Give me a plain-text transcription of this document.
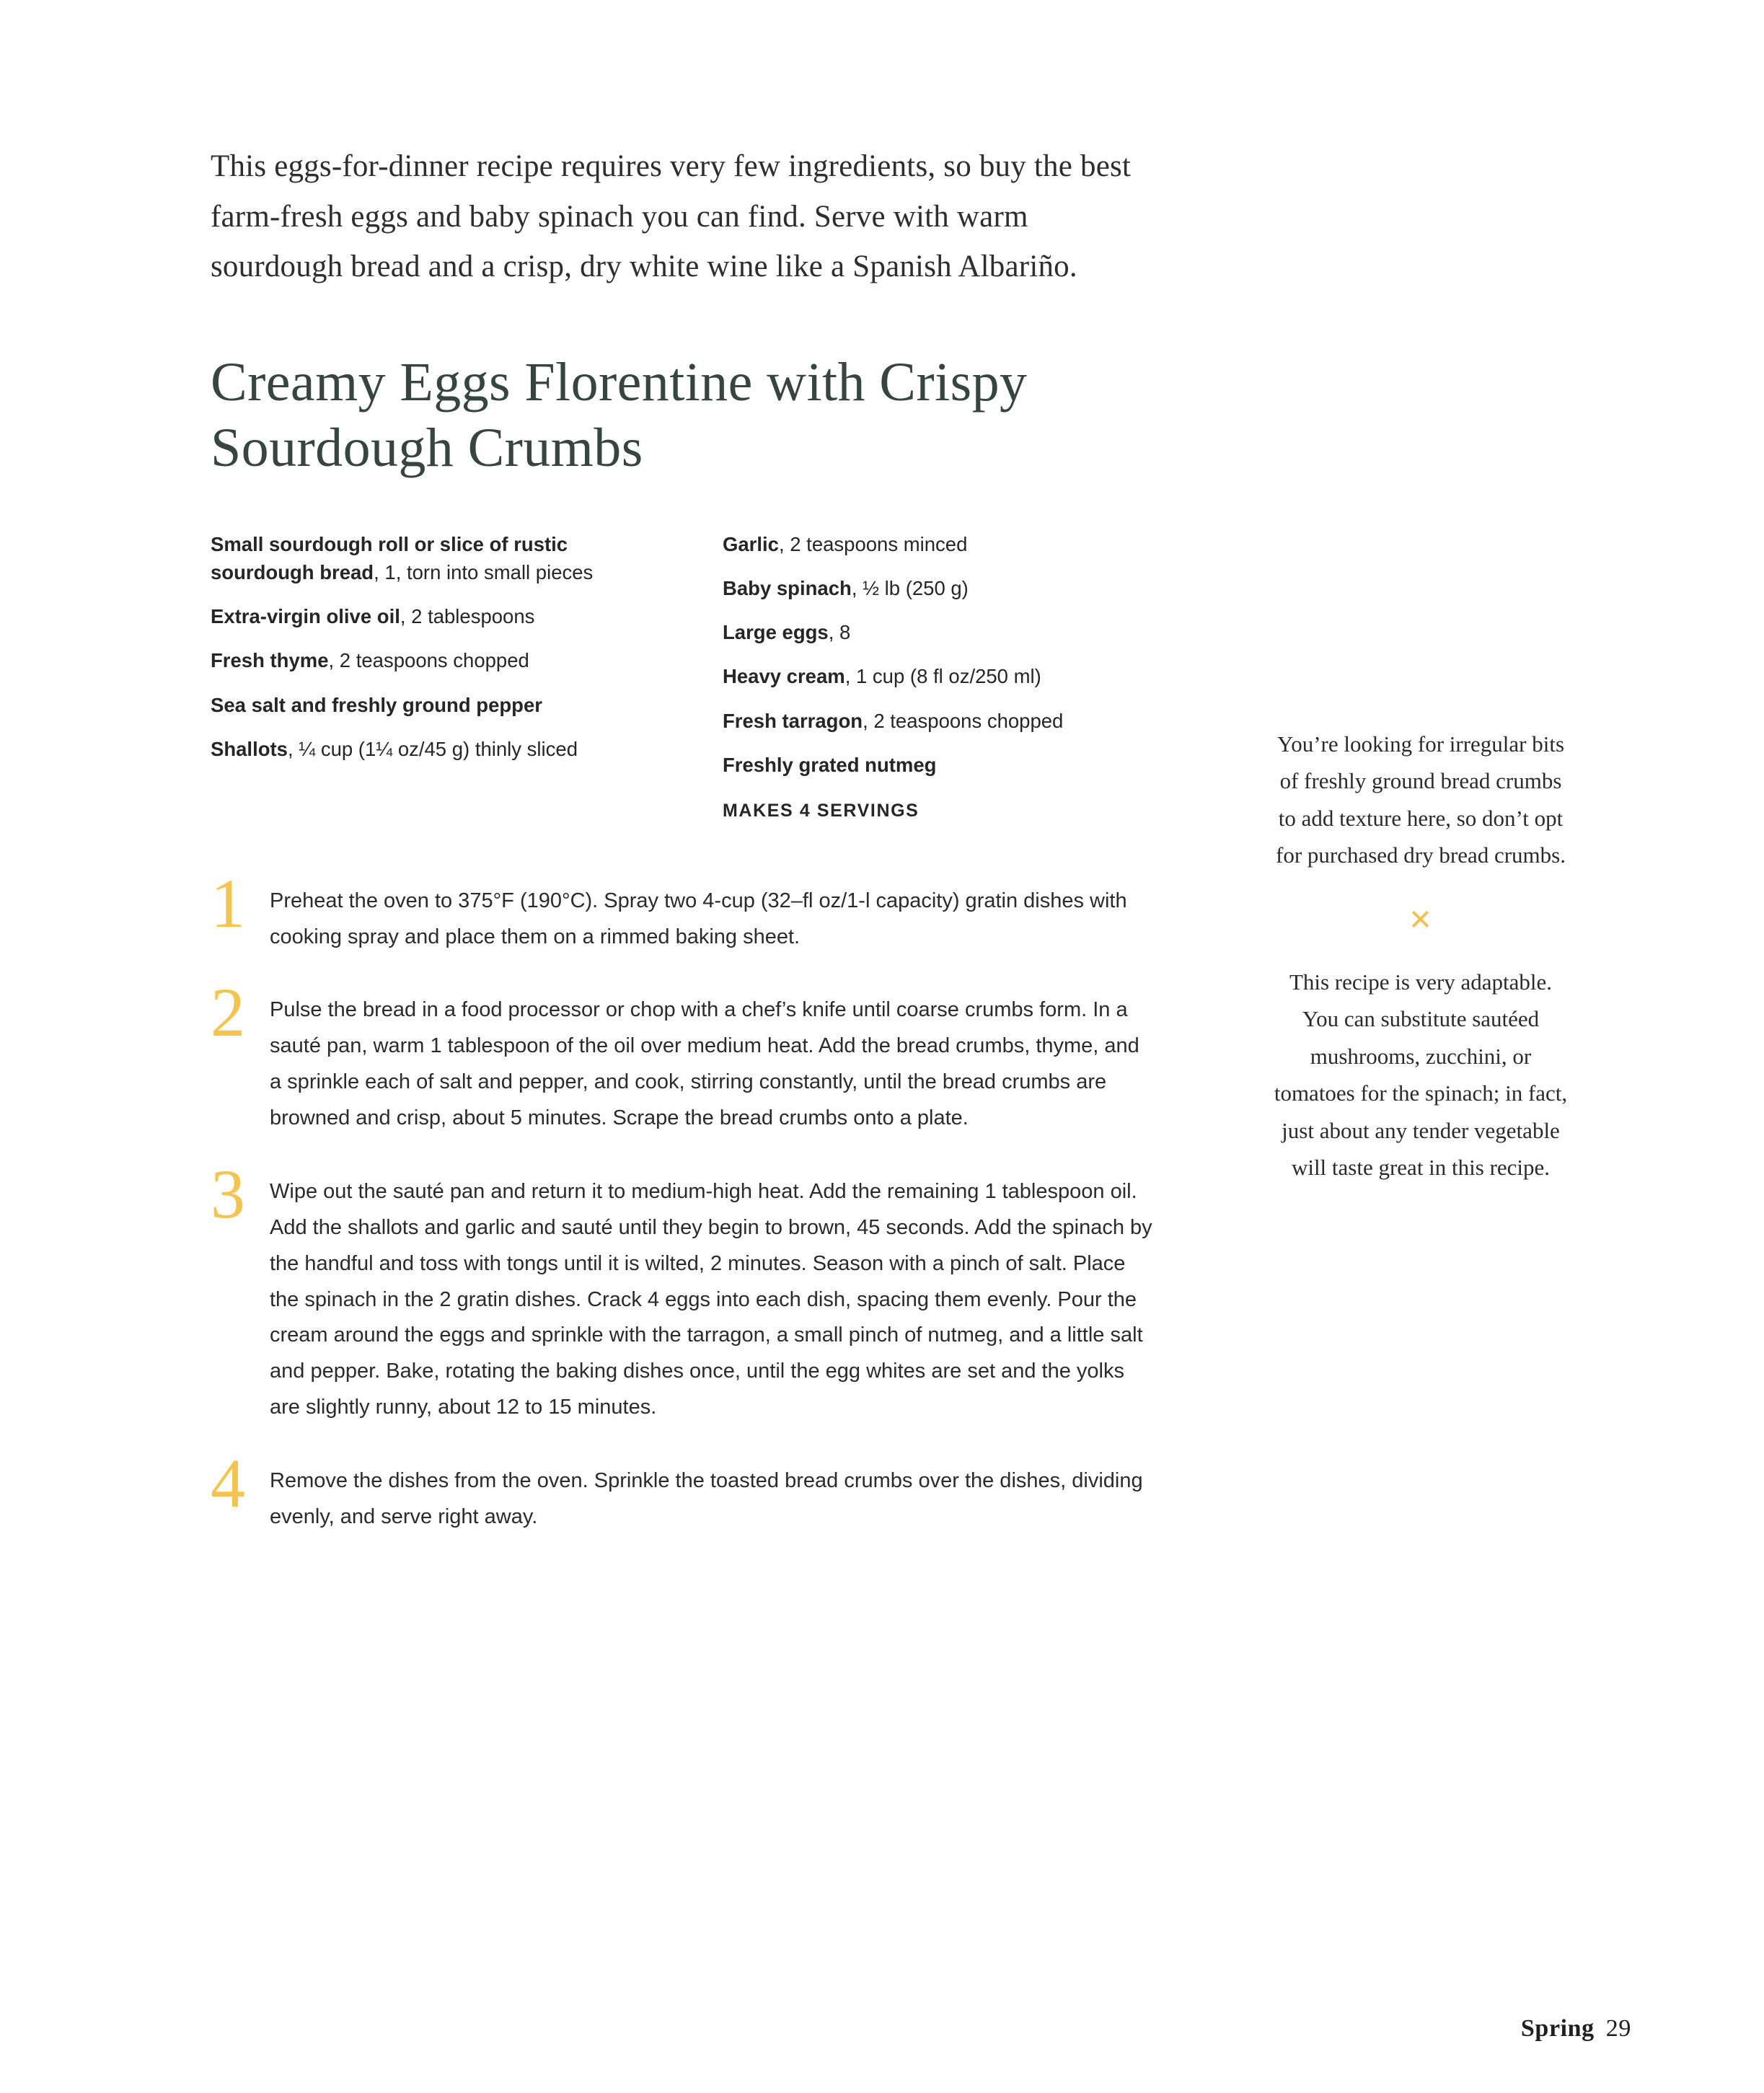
This eggs-for-dinner recipe requires very few ingredients, so buy the best farm-fresh eggs and baby spinach you can find. Serve with warm sourdough bread and a crisp, dry white wine like a Spanish Albariño.

Creamy Eggs Florentine with Crispy Sourdough Crumbs
Small sourdough roll or slice of rustic sourdough bread, 1, torn into small pieces
Extra-virgin olive oil, 2 tablespoons
Fresh thyme, 2 teaspoons chopped
Sea salt and freshly ground pepper
Shallots, ¼ cup (1¼ oz/45 g) thinly sliced
Garlic, 2 teaspoons minced
Baby spinach, ½ lb (250 g)
Large eggs, 8
Heavy cream, 1 cup (8 fl oz/250 ml)
Fresh tarragon, 2 teaspoons chopped
Freshly grated nutmeg
MAKES 4 SERVINGS
1 Preheat the oven to 375°F (190°C). Spray two 4-cup (32–fl oz/1-l capacity) gratin dishes with cooking spray and place them on a rimmed baking sheet.
2 Pulse the bread in a food processor or chop with a chef’s knife until coarse crumbs form. In a sauté pan, warm 1 tablespoon of the oil over medium heat. Add the bread crumbs, thyme, and a sprinkle each of salt and pepper, and cook, stirring constantly, until the bread crumbs are browned and crisp, about 5 minutes. Scrape the bread crumbs onto a plate.
3 Wipe out the sauté pan and return it to medium-high heat. Add the remaining 1 tablespoon oil. Add the shallots and garlic and sauté until they begin to brown, 45 seconds. Add the spinach by the handful and toss with tongs until it is wilted, 2 minutes. Season with a pinch of salt. Place the spinach in the 2 gratin dishes. Crack 4 eggs into each dish, spacing them evenly. Pour the cream around the eggs and sprinkle with the tarragon, a small pinch of nutmeg, and a little salt and pepper. Bake, rotating the baking dishes once, until the egg whites are set and the yolks are slightly runny, about 12 to 15 minutes.
4 Remove the dishes from the oven. Sprinkle the toasted bread crumbs over the dishes, dividing evenly, and serve right away.

You’re looking for irregular bits of freshly ground bread crumbs to add texture here, so don’t opt for purchased dry bread crumbs.

✕

This recipe is very adaptable. You can substitute sautéed mushrooms, zucchini, or tomatoes for the spinach; in fact, just about any tender vegetable will taste great in this recipe.

Spring 29
